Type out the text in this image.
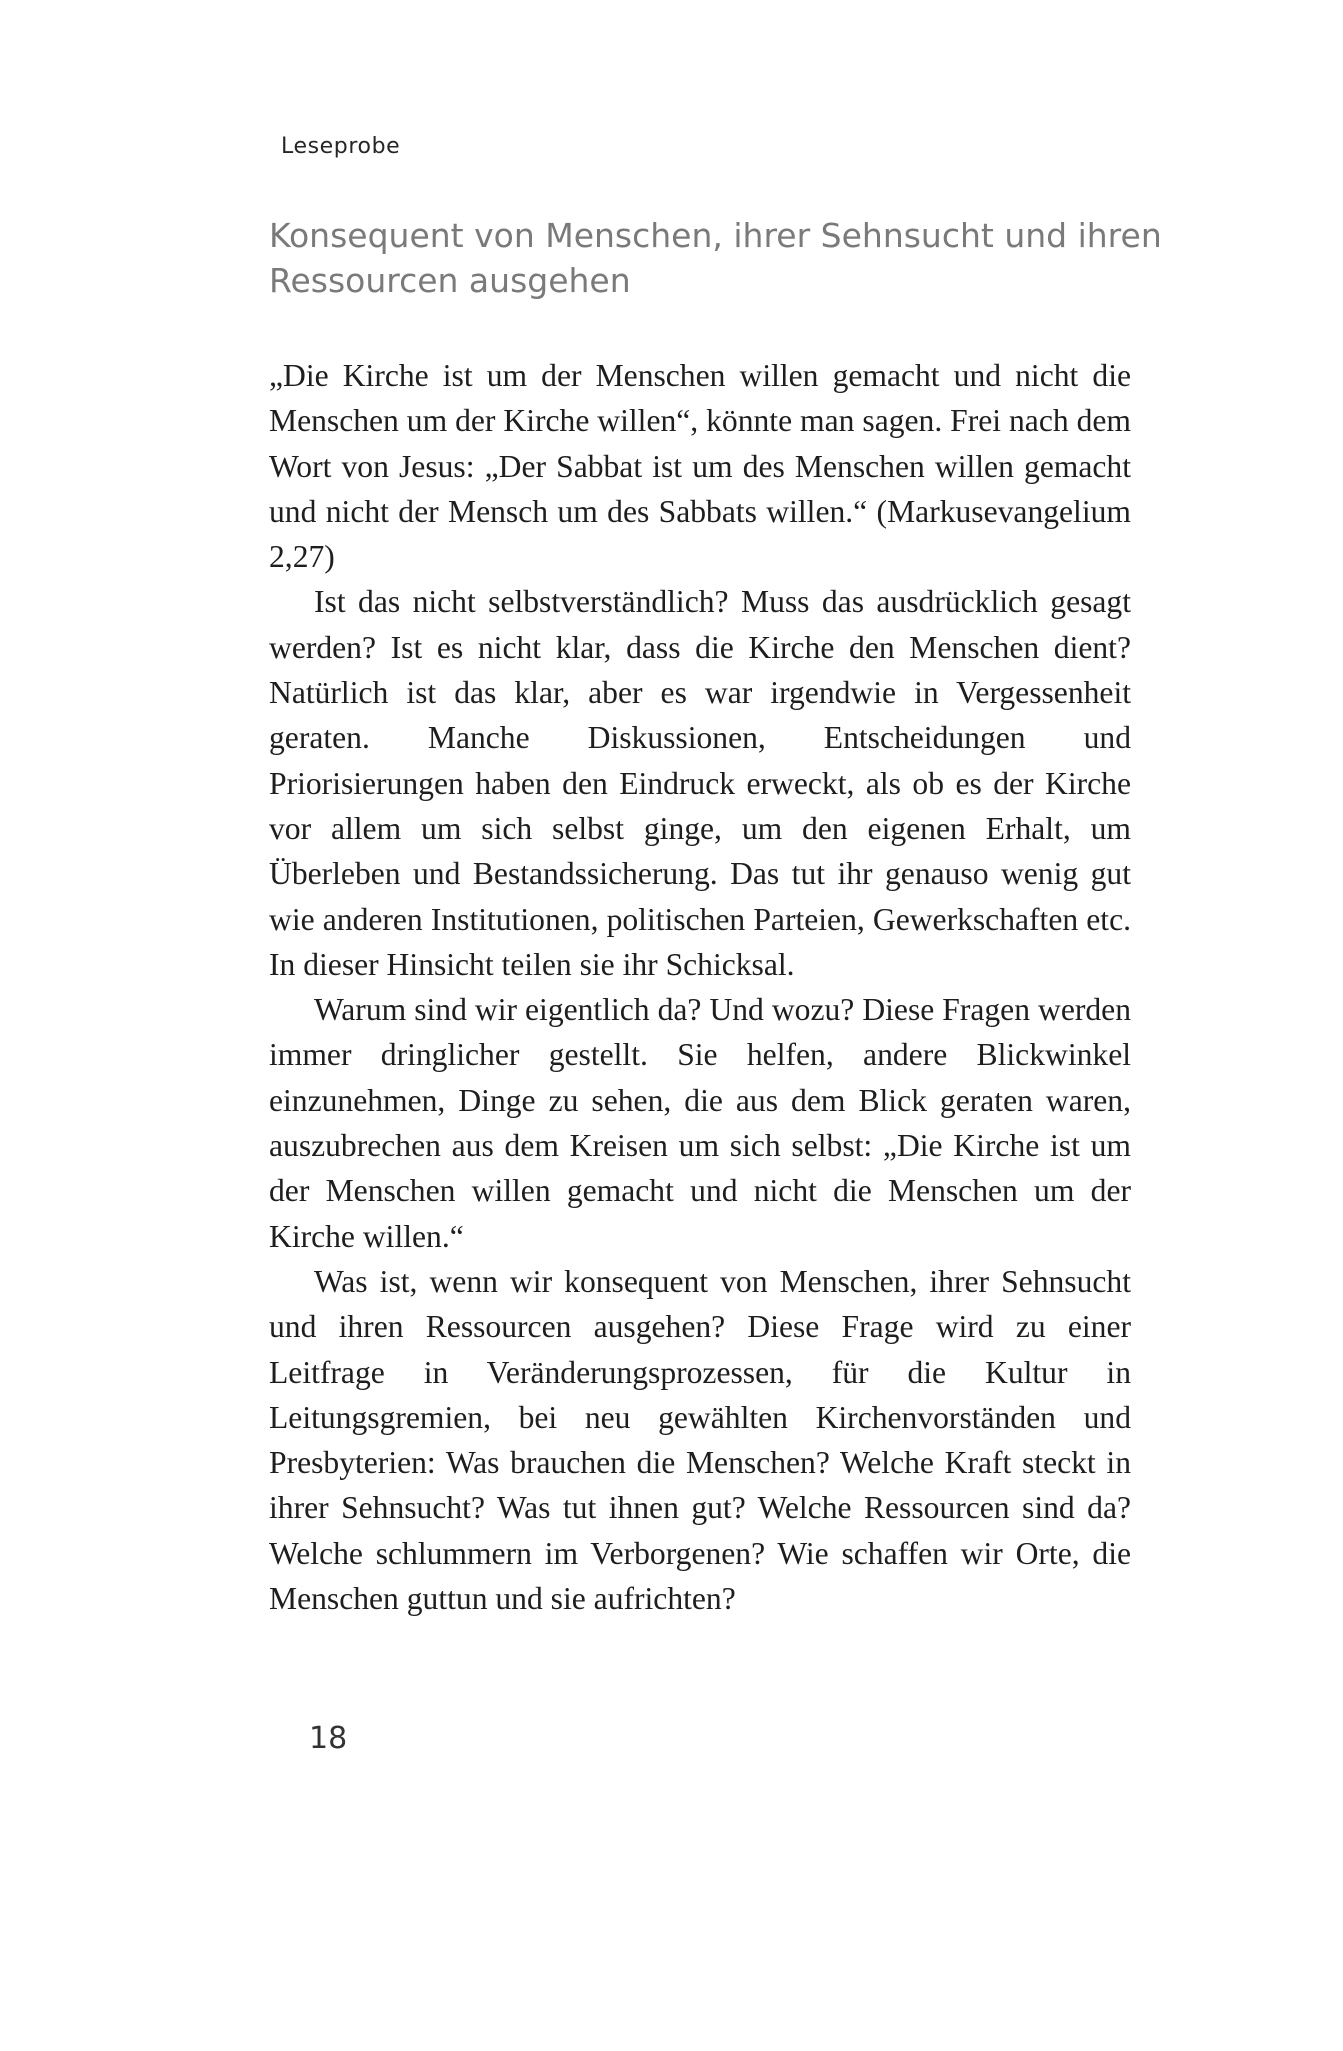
Leseprobe
Konsequent von Menschen, ihrer Sehnsucht und ihren Ressourcen ausgehen

„Die Kirche ist um der Menschen willen gemacht und nicht die Menschen um der Kirche willen“, könnte man sagen. Frei nach dem Wort von Jesus: „Der Sabbat ist um des Menschen willen gemacht und nicht der Mensch um des Sabbats willen.“ (Markusevangelium 2,27)

Ist das nicht selbstverständlich? Muss das ausdrücklich gesagt werden? Ist es nicht klar, dass die Kirche den Menschen dient? Natürlich ist das klar, aber es war irgendwie in Vergessenheit geraten. Manche Diskussionen, Entscheidungen und Priorisierungen haben den Eindruck erweckt, als ob es der Kirche vor allem um sich selbst ginge, um den eigenen Erhalt, um Überleben und Bestandssicherung. Das tut ihr genauso wenig gut wie anderen Institutionen, politischen Parteien, Gewerkschaften etc. In dieser Hinsicht teilen sie ihr Schicksal.

Warum sind wir eigentlich da? Und wozu? Diese Fragen werden immer dringlicher gestellt. Sie helfen, andere Blickwinkel einzunehmen, Dinge zu sehen, die aus dem Blick geraten waren, auszubrechen aus dem Kreisen um sich selbst: „Die Kirche ist um der Menschen willen gemacht und nicht die Menschen um der Kirche willen.“

Was ist, wenn wir konsequent von Menschen, ihrer Sehnsucht und ihren Ressourcen ausgehen? Diese Frage wird zu einer Leitfrage in Veränderungsprozessen, für die Kultur in Leitungsgremien, bei neu gewählten Kirchenvorständen und Presbyterien: Was brauchen die Menschen? Welche Kraft steckt in ihrer Sehnsucht? Was tut ihnen gut? Welche Ressourcen sind da? Welche schlummern im Verborgenen? Wie schaffen wir Orte, die Menschen guttun und sie aufrichten?

18
